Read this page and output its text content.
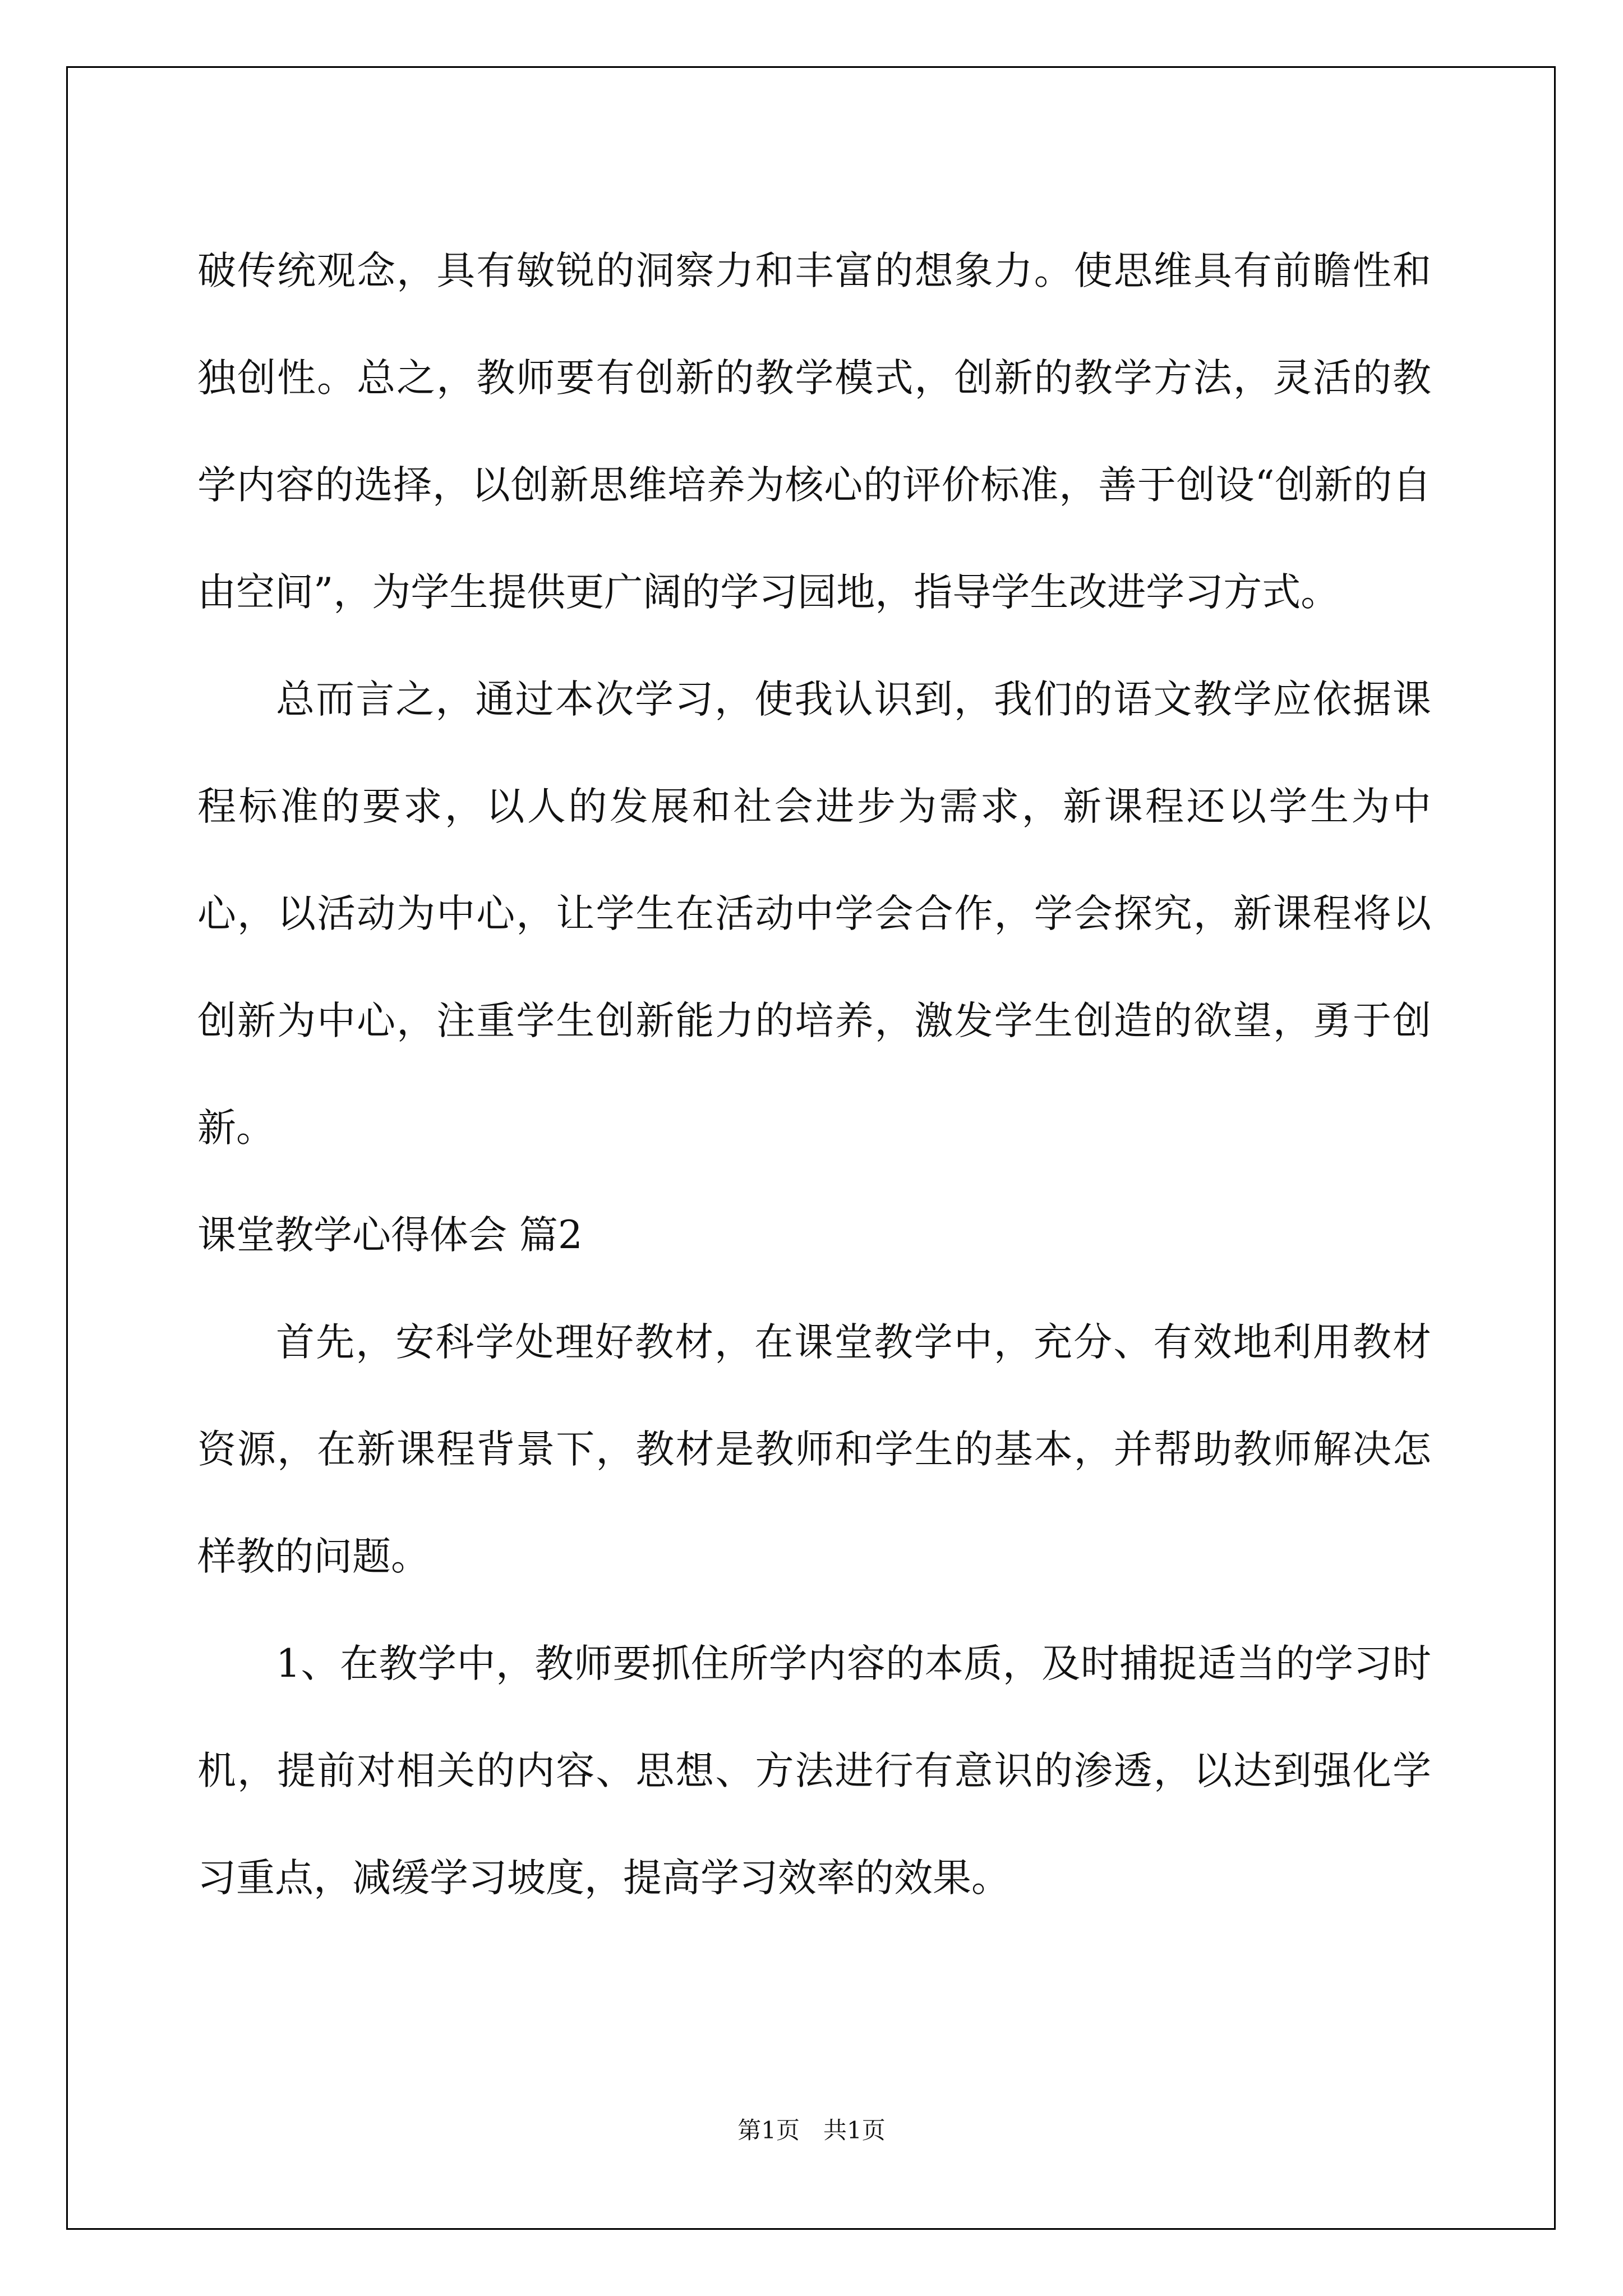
破传统观念，具有敏锐的洞察力和丰富的想象力。使思维具有前瞻性和独创性。总之，教师要有创新的教学模式，创新的教学方法，灵活的教学内容的选择，以创新思维培养为核心的评价标准，善于创设“创新的自由空间”，为学生提供更广阔的学习园地，指导学生改进学习方式。

总而言之，通过本次学习，使我认识到，我们的语文教学应依据课程标准的要求，以人的发展和社会进步为需求，新课程还以学生为中心，以活动为中心，让学生在活动中学会合作，学会探究，新课程将以创新为中心，注重学生创新能力的培养，激发学生创造的欲望，勇于创新。

课堂教学心得体会 篇2

首先，安科学处理好教材，在课堂教学中，充分、有效地利用教材资源，在新课程背景下，教材是教师和学生的基本，并帮助教师解决怎样教的问题。

1、在教学中，教师要抓住所学内容的本质，及时捕捉适当的学习时机，提前对相关的内容、思想、方法进行有意识的渗透，以达到强化学习重点，减缓学习坡度，提高学习效率的效果。

第1页　共1页
